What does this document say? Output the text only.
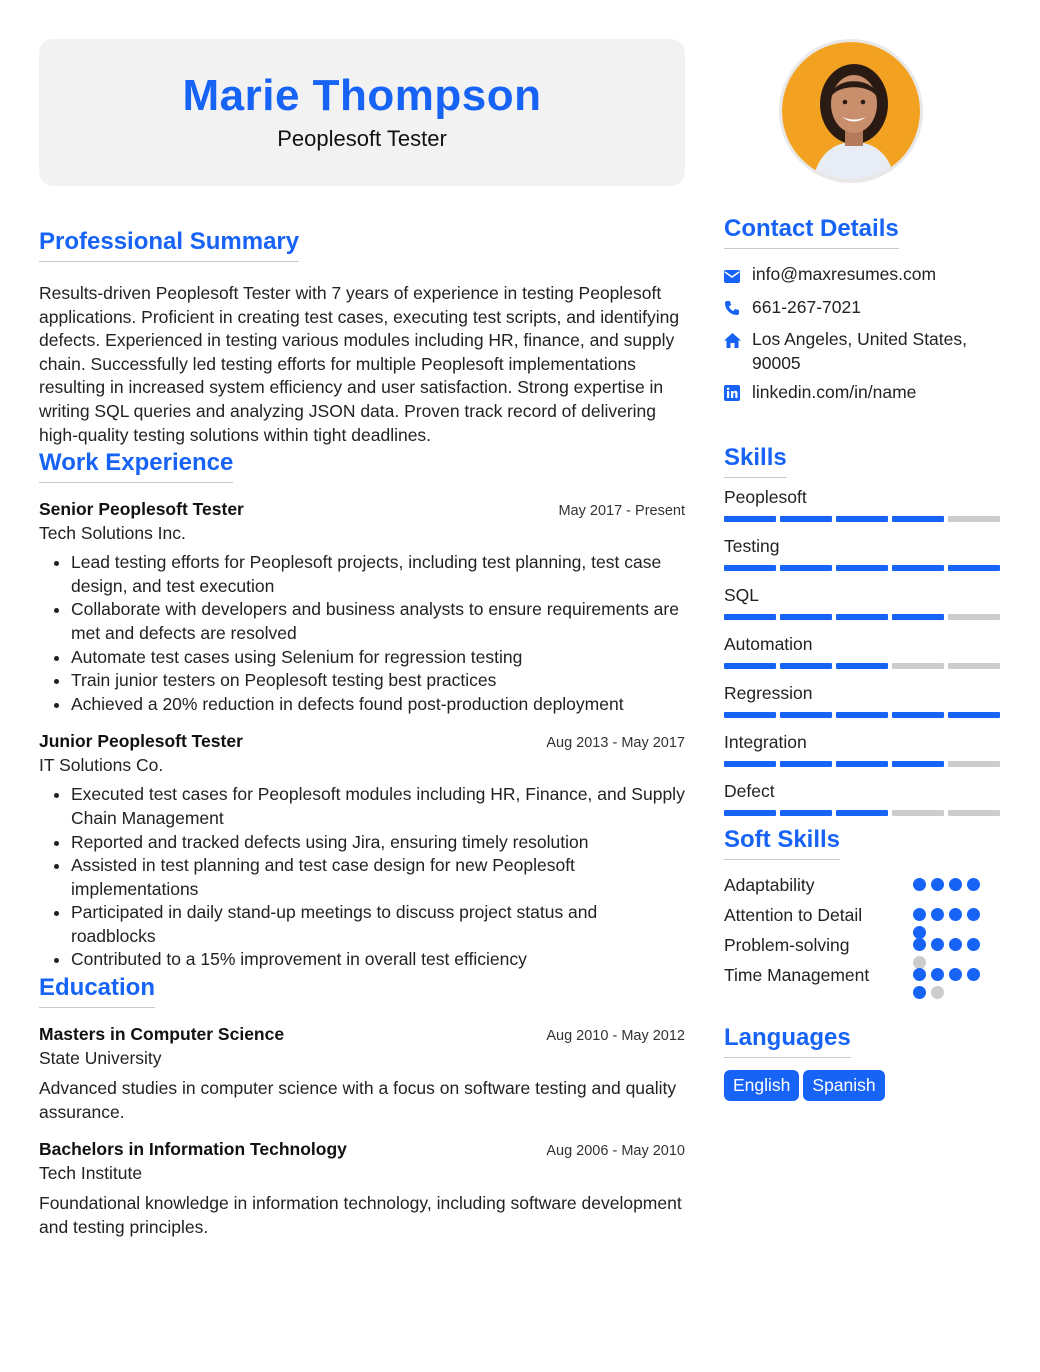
Marie Thompson
Peoplesoft Tester
Professional Summary

Results-driven Peoplesoft Tester with 7 years of experience in testing Peoplesoft applications. Proficient in creating test cases, executing test scripts, and identifying defects. Experienced in testing various modules including HR, finance, and supply chain. Successfully led testing efforts for multiple Peoplesoft implementations resulting in increased system efficiency and user satisfaction. Strong expertise in writing SQL queries and analyzing JSON data. Proven track record of delivering high-quality testing solutions within tight deadlines.

Work Experience
Senior Peoplesoft Tester	May 2017 - Present
Tech Solutions Inc.
• Lead testing efforts for Peoplesoft projects, including test planning, test case design, and test execution
• Collaborate with developers and business analysts to ensure requirements are met and defects are resolved
• Automate test cases using Selenium for regression testing
• Train junior testers on Peoplesoft testing best practices
• Achieved a 20% reduction in defects found post-production deployment
Junior Peoplesoft Tester	Aug 2013 - May 2017
IT Solutions Co.
• Executed test cases for Peoplesoft modules including HR, Finance, and Supply Chain Management
• Reported and tracked defects using Jira, ensuring timely resolution
• Assisted in test planning and test case design for new Peoplesoft implementations
• Participated in daily stand-up meetings to discuss project status and roadblocks
• Contributed to a 15% improvement in overall test efficiency
Education
Masters in Computer Science	Aug 2010 - May 2012
State University

Advanced studies in computer science with a focus on software testing and quality assurance.

Bachelors in Information Technology	Aug 2006 - May 2010
Tech Institute

Foundational knowledge in information technology, including software development and testing principles.

Contact Details
info@maxresumes.com
661-267-7021
Los Angeles, United States, 90005
linkedin.com/in/name
Skills
Peoplesoft
Testing
SQL
Automation
Regression
Integration
Defect
Soft Skills
Adaptability
Attention to Detail
Problem-solving
Time Management
Languages
English Spanish
